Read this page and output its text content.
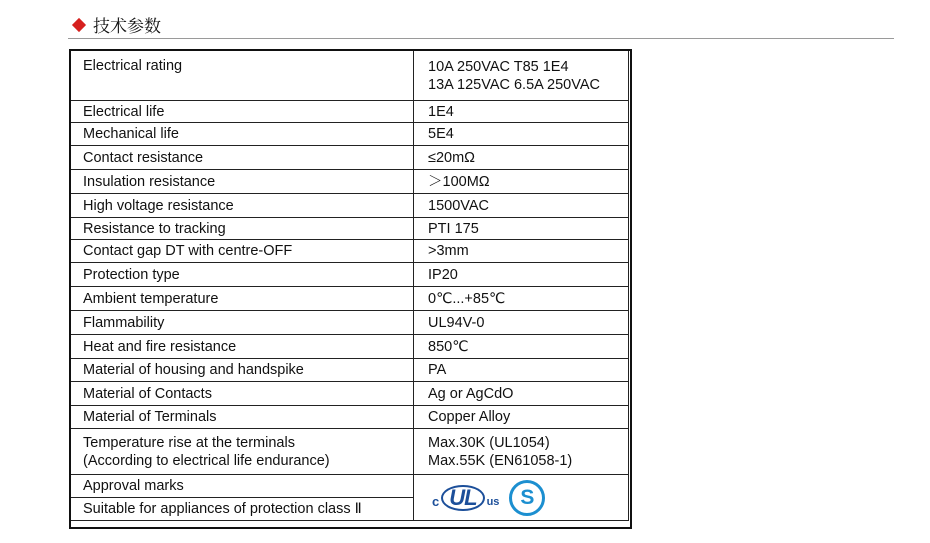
技术参数
Electrical rating	10A 250VAC T85 1E4
13A 125VAC 6.5A 250VAC

Electrical life	1E4
Mechanical life	5E4
Contact resistance	≤20mΩ
Insulation resistance	＞100MΩ
High voltage resistance	1500VAC
Resistance to tracking	PTI 175
Contact gap DT with centre-OFF	>3mm
Protection type	IP20
Ambient temperature	0℃...+85℃
Flammability	UL94V-0
Heat and fire resistance	850℃
Material of housing and handspike	PA
Material of Contacts	Ag or AgCdO
Material of Terminals	Copper Alloy

Temperature rise at the terminals
(According to electrical life endurance)	Max.30K (UL1054)
Max.55K (EN61058-1)

Approval marks	c UL us S

Suitable for appliances of protection class Ⅱ	
